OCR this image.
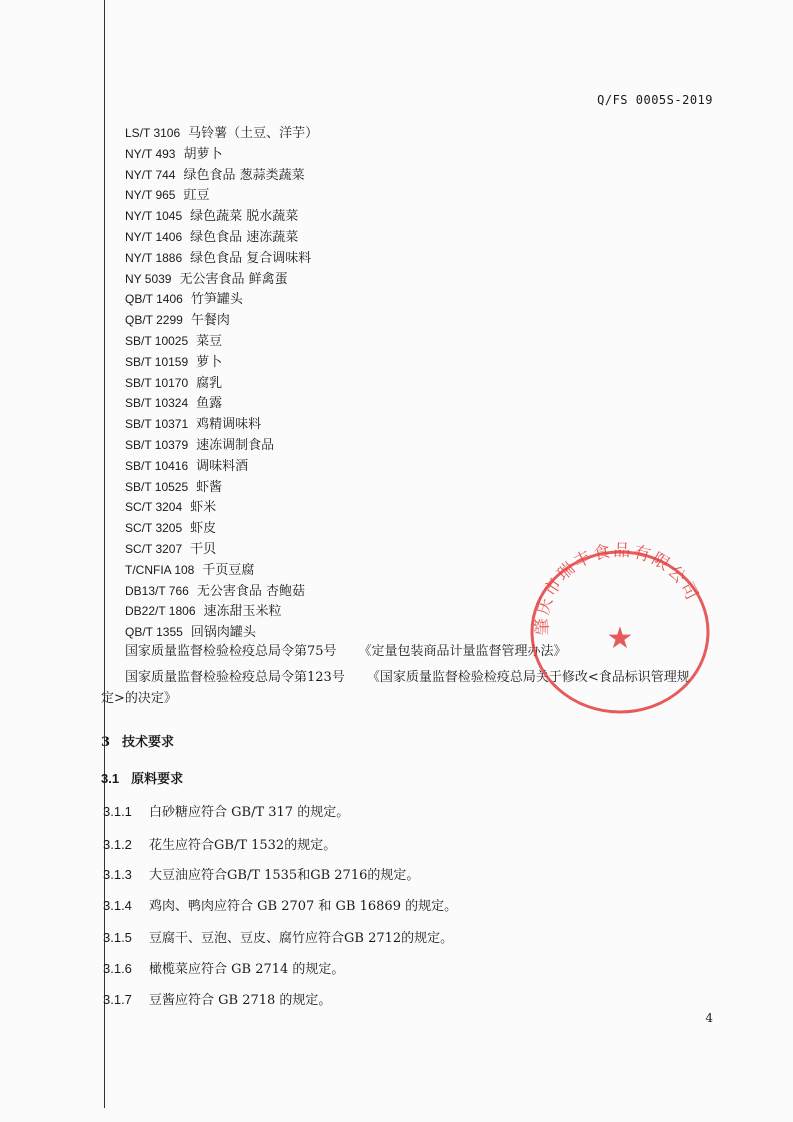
Q/FS 0005S-2019
LS/T 3106 马铃薯（土豆、洋芋）
NY/T 493 胡萝卜
NY/T 744 绿色食品 葱蒜类蔬菜
NY/T 965 豇豆
NY/T 1045 绿色蔬菜 脱水蔬菜
NY/T 1406 绿色食品 速冻蔬菜
NY/T 1886 绿色食品 复合调味料
NY 5039 无公害食品 鲜禽蛋
QB/T 1406 竹笋罐头
QB/T 2299 午餐肉
SB/T 10025 菜豆
SB/T 10159 萝卜
SB/T 10170 腐乳
SB/T 10324 鱼露
SB/T 10371 鸡精调味料
SB/T 10379 速冻调制食品
SB/T 10416 调味料酒
SB/T 10525 虾酱
SC/T 3204 虾米
SC/T 3205 虾皮
SC/T 3207 干贝
T/CNFIA 108 千页豆腐
DB13/T 766 无公害食品 杏鲍菇
DB22/T 1806 速冻甜玉米粒
QB/T 1355 回锅肉罐头
国家质量监督检验检疫总局令第75号 《定量包装商品计量监督管理办法》
国家质量监督检验检疫总局令第123号 《国家质量监督检验检疫总局关于修改<食品标识管理规
定>的决定》
3 技术要求
3.1 原料要求
3.1.1 白砂糖应符合 GB/T 317 的规定。
3.1.2 花生应符合GB/T 1532的规定。
3.1.3 大豆油应符合GB/T 1535和GB 2716的规定。
3.1.4 鸡肉、鸭肉应符合 GB 2707 和 GB 16869 的规定。
3.1.5 豆腐干、豆泡、豆皮、腐竹应符合GB 2712的规定。
3.1.6 橄榄菜应符合 GB 2714 的规定。
3.1.7 豆酱应符合 GB 2718 的规定。
4
肇庆市瑞丰食品有限公司
★
